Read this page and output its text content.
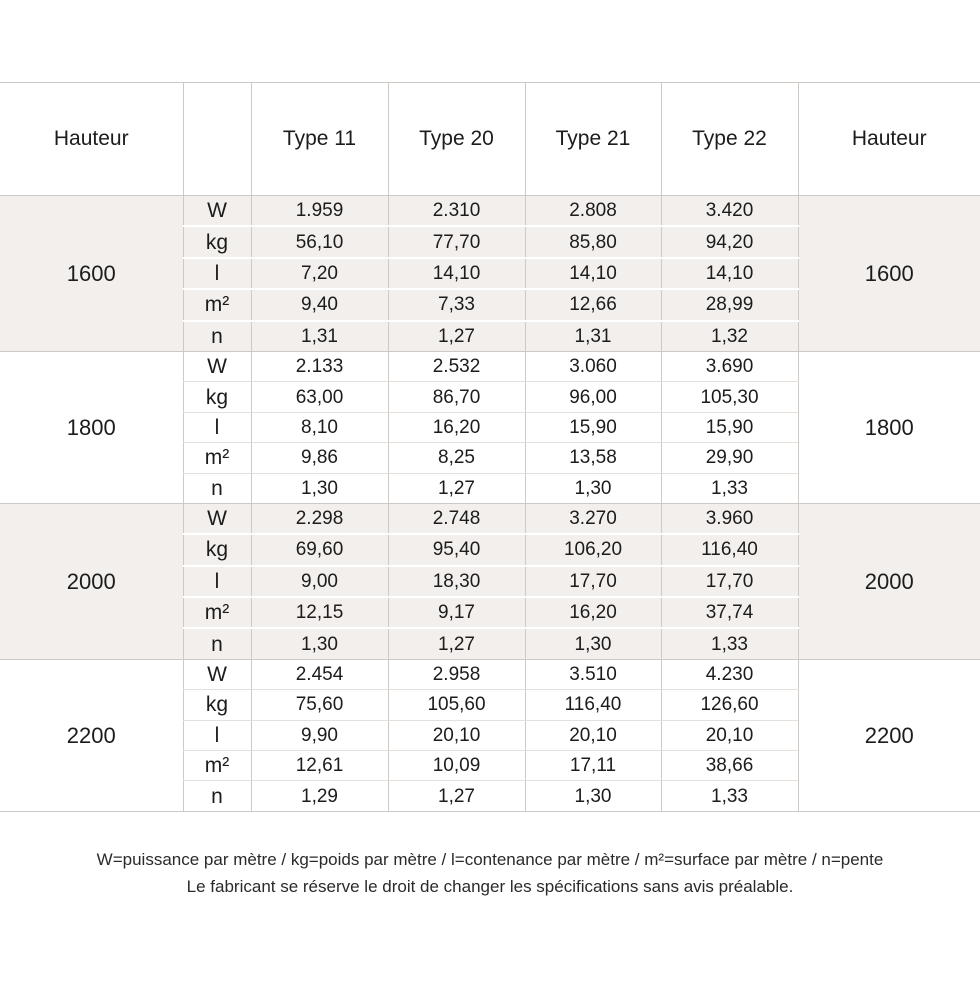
Hauteur		Type 11	Type 20	Type 21	Type 22	Hauteur
1600	W	1.959	2.310	2.808	3.420	1600
	kg	56,10	77,70	85,80	94,20	
	l	7,20	14,10	14,10	14,10	
	m²	9,40	7,33	12,66	28,99	
	n	1,31	1,27	1,31	1,32	
1800	W	2.133	2.532	3.060	3.690	1800
	kg	63,00	86,70	96,00	105,30	
	l	8,10	16,20	15,90	15,90	
	m²	9,86	8,25	13,58	29,90	
	n	1,30	1,27	1,30	1,33	
2000	W	2.298	2.748	3.270	3.960	2000
	kg	69,60	95,40	106,20	116,40	
	l	9,00	18,30	17,70	17,70	
	m²	12,15	9,17	16,20	37,74	
	n	1,30	1,27	1,30	1,33	
2200	W	2.454	2.958	3.510	4.230	2200
	kg	75,60	105,60	116,40	126,60	
	l	9,90	20,10	20,10	20,10	
	m²	12,61	10,09	17,11	38,66	
	n	1,29	1,27	1,30	1,33	
W=puissance par mètre / kg=poids par mètre / l=contenance par mètre / m²=surface par mètre / n=pente
Le fabricant se réserve le droit de changer les spécifications sans avis préalable.
